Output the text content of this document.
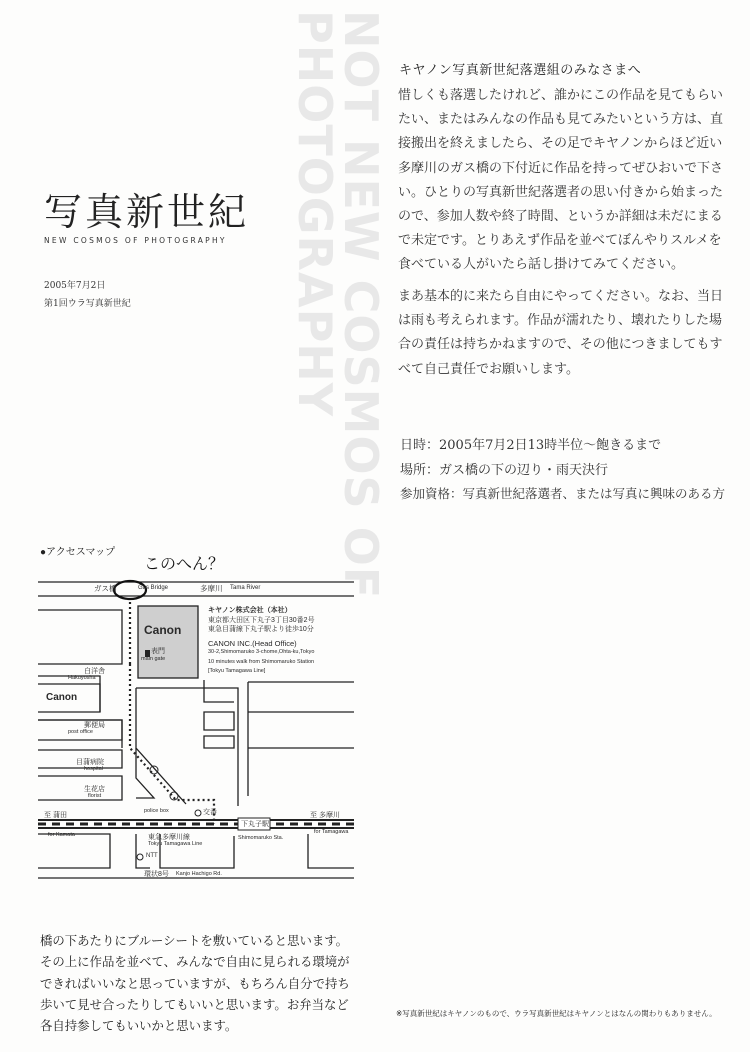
NOT NEW COSMOS OF
PHOTOGRAPHY
写真新世紀
NEW COSMOS OF PHOTOGRAPHY
2005年7月2日
第1回ウラ写真新世紀
キヤノン写真新世紀落選組のみなさまへ

惜しくも落選したけれど、誰かにこの作品を見てもらいたい、またはみんなの作品も見てみたいという方は、直接搬出を終えましたら、その足でキヤノンからほど近い多摩川のガス橋の下付近に作品を持ってぜひおいで下さい。ひとりの写真新世紀落選者の思い付きから始まったので、参加人数や終了時間、というか詳細は未だにまるで未定です。とりあえず作品を並べてぼんやりスルメを食べている人がいたら話し掛けてみてください。

まあ基本的に来たら自由にやってください。なお、当日は雨も考えられます。作品が濡れたり、壊れたりした場合の責任は持ちかねますので、その他につきましてもすべて自己責任でお願いします。

日時：2005年7月2日13時半位～飽きるまで
場所：ガス橋の下の辺り・雨天決行
参加資格：写真新世紀落選者、または写真に興味のある方
●アクセスマップ
このへん？
ガス橋	Gas Bridge	多摩川 Tama River
Canon
キヤノン株式会社（本社）
東京都大田区下丸子3丁目30番2号
東急目蒲線下丸子駅より徒歩10分
CANON INC.(Head Office)
30-2,Shimomaruko 3-chome,Ohta-ku,Tokyo
10 minutes walk from Shimomaruko Station
[Tokyu Tamagawa Line]
表門
main gate
白洋舎
Hakuyosha
Canon
郵便局
post office
目蒲病院
hospital
生花店
florist
police box	交番
至 蒲田
for Kamata
至 多摩川
for Tamagawa
東急多摩川線
Tokyu Tamagawa Line
下丸子駅
Shimomaruko Sta.
NTT
環状8号 Kanjo Hachigo Rd.

橋の下あたりにブルーシートを敷いていると思います。

その上に作品を並べて、みんなで自由に見られる環境が

できればいいなと思っていますが、もちろん自分で持ち

歩いて見せ合ったりしてもいいと思います。お弁当など

各自持参してもいいかと思います。

※写真新世紀はキヤノンのもので、ウラ写真新世紀はキヤノンとはなんの関わりもありません。
